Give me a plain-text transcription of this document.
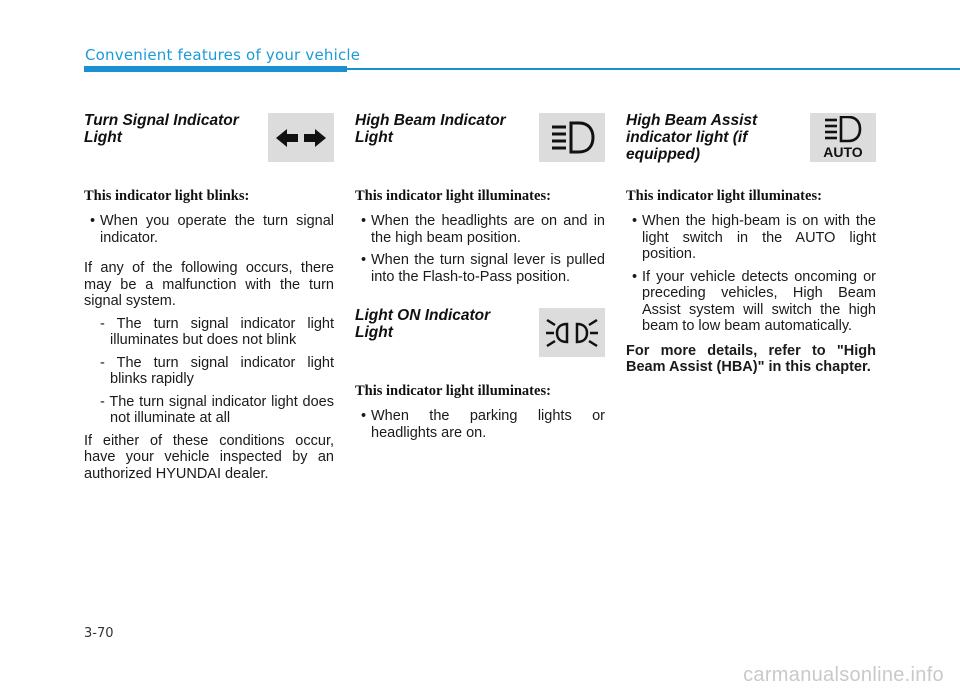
Convenient features of your vehicle
Turn Signal Indicator Light
This indicator light blinks:
• When you operate the turn signal indicator.
If any of the following occurs, there may be a malfunction with the turn signal system.
- The turn signal indicator light illuminates but does not blink
- The turn signal indicator light blinks rapidly
- The turn signal indicator light does not illuminate at all
If either of these conditions occur, have your vehicle inspected by an authorized HYUNDAI dealer.
High Beam Indicator Light
This indicator light illuminates:
• When the headlights are on and in the high beam position.
• When the turn signal lever is pulled into the Flash-to-Pass position.
Light ON Indicator Light
This indicator light illuminates:
• When the parking lights or headlights are on.
High Beam Assist indicator light (if equipped)	AUTO
This indicator light illuminates:
• When the high-beam is on with the light switch in the AUTO light position.
• If your vehicle detects oncoming or preceding vehicles, High Beam Assist system will switch the high beam to low beam automatically.
For more details, refer to "High Beam Assist (HBA)" in this chapter.
3-70
carmanualsonline.info
